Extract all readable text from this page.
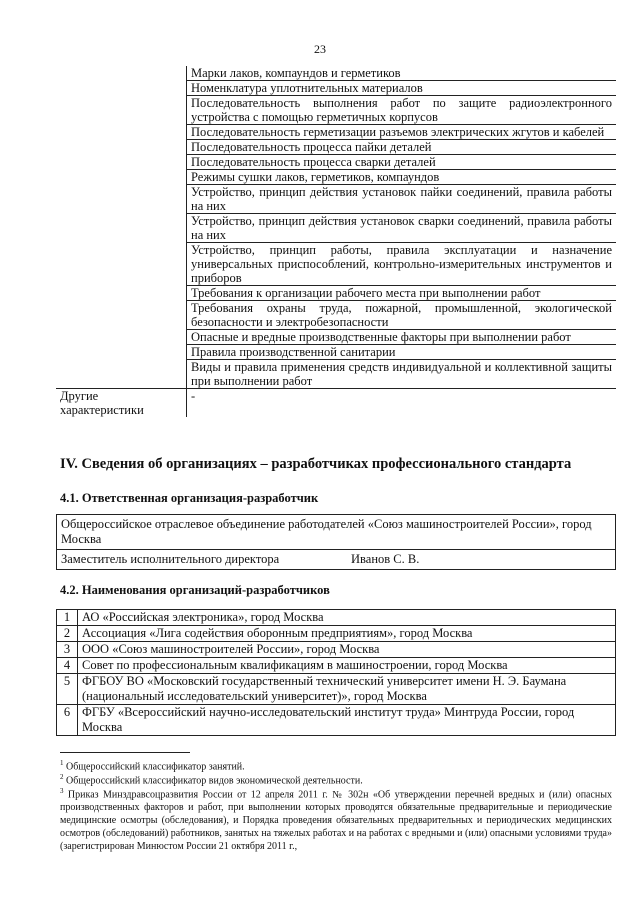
23
	Марки лаков, компаундов и герметиков
	Номенклатура уплотнительных материалов
	Последовательность выполнения работ по защите радиоэлектронного устройства с помощью герметичных корпусов
	Последовательность герметизации разъемов электрических жгутов и кабелей
	Последовательность процесса пайки деталей
	Последовательность процесса сварки деталей
	Режимы сушки лаков, герметиков, компаундов
	Устройство, принцип действия установок пайки соединений, правила работы на них
	Устройство, принцип действия установок сварки соединений, правила работы на них
	Устройство, принцип работы, правила эксплуатации и назначение универсальных приспособлений, контрольно-измерительных инструментов и приборов
	Требования к организации рабочего места при выполнении работ
	Требования охраны труда, пожарной, промышленной, экологической безопасности и электробезопасности
	Опасные и вредные производственные факторы при выполнении работ
	Правила производственной санитарии
	Виды и правила применения средств индивидуальной и коллективной защиты при выполнении работ
Другие характеристики	-
IV. Сведения об организациях – разработчиках профессионального стандарта
4.1. Ответственная организация-разработчик
Общероссийское отраслевое объединение работодателей «Союз машиностроителей России», город Москва
Заместитель исполнительного директора	Иванов С. В.
4.2. Наименования организаций-разработчиков
1	АО «Российская электроника», город Москва
2	Ассоциация «Лига содействия оборонным предприятиям», город Москва
3	ООО «Союз машиностроителей России», город Москва
4	Совет по профессиональным квалификациям в машиностроении, город Москва
5	ФГБОУ ВО «Московский государственный технический университет имени Н. Э. Баумана (национальный исследовательский университет)», город Москва
6	ФГБУ «Всероссийский научно-исследовательский институт труда» Минтруда России, город Москва
$^1$ Общероссийский классификатор занятий.
$^2$ Общероссийский классификатор видов экономической деятельности.
$^3$ Приказ Минздравсоцразвития России от 12 апреля 2011 г. № 302н «Об утверждении перечней вредных и (или) опасных производственных факторов и работ, при выполнении которых проводятся обязательные предварительные и периодические медицинские осмотры (обследования), и Порядка проведения обязательных предварительных и периодических медицинских осмотров (обследований) работников, занятых на тяжелых работах и на работах с вредными и (или) опасными условиями труда» (зарегистрирован Минюстом России 21 октября 2011 г.,
